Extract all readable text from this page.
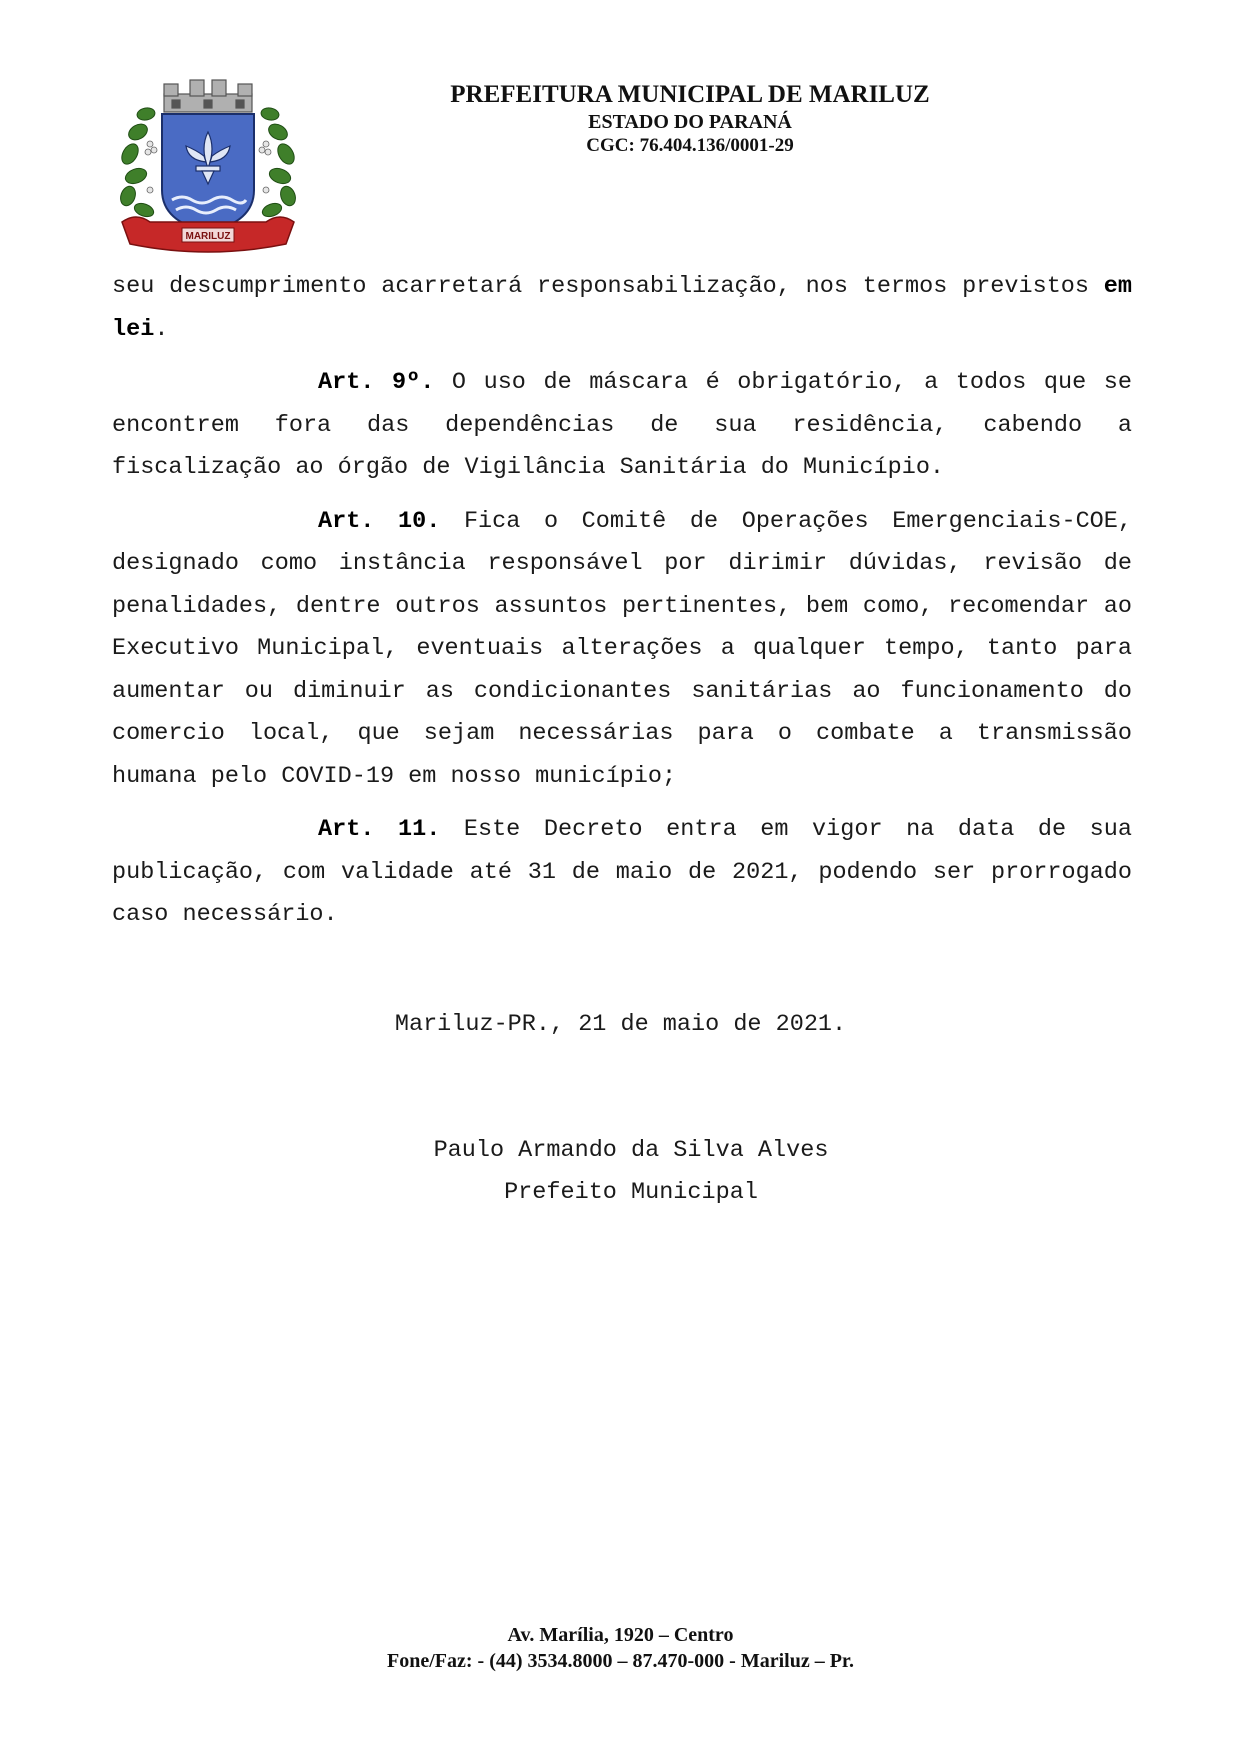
MARILUZ
PREFEITURA MUNICIPAL DE MARILUZ
ESTADO DO PARANÁ
CGC: 76.404.136/0001-29

seu descumprimento acarretará responsabilização, nos termos previstos em lei.

Art. 9º. O uso de máscara é obrigatório, a todos que se encontrem fora das dependências de sua residência, cabendo a fiscalização ao órgão de Vigilância Sanitária do Município.

Art. 10. Fica o Comitê de Operações Emergenciais-COE, designado como instância responsável por dirimir dúvidas, revisão de penalidades, dentre outros assuntos pertinentes, bem como, recomendar ao Executivo Municipal, eventuais alterações a qualquer tempo, tanto para aumentar ou diminuir as condicionantes sanitárias ao funcionamento do comercio local, que sejam necessárias para o combate a transmissão humana pelo COVID-19 em nosso município;

Art. 11. Este Decreto entra em vigor na data de sua publicação, com validade até 31 de maio de 2021, podendo ser prorrogado caso necessário.

Mariluz-PR., 21 de maio de 2021.
Paulo Armando da Silva Alves
Prefeito Municipal
Av. Marília, 1920 – Centro
Fone/Faz: - (44) 3534.8000 – 87.470-000 - Mariluz – Pr.
